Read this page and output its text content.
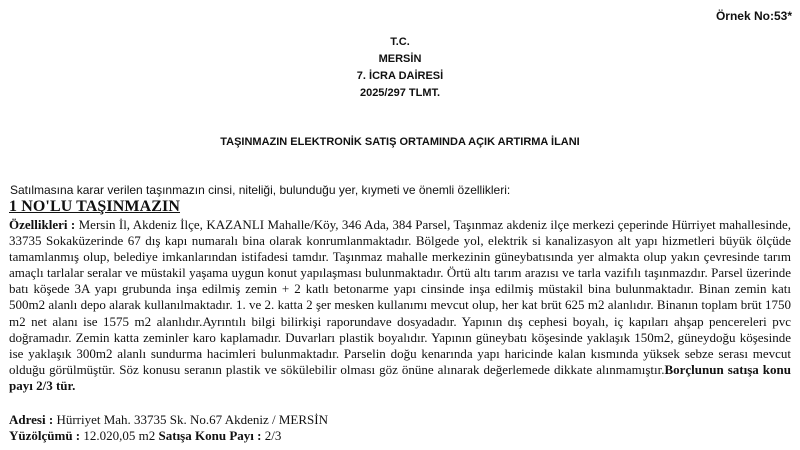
Örnek No:53*
T.C.
MERSİN
7. İCRA DAİRESİ
2025/297 TLMT.
TAŞINMAZIN ELEKTRONİK SATIŞ ORTAMINDA AÇIK ARTIRMA İLANI
Satılmasına karar verilen taşınmazın cinsi, niteliği, bulunduğu yer, kıymeti ve önemli özellikleri:
1 NO'LU TAŞINMAZIN

Özellikleri : Mersin İl, Akdeniz İlçe, KAZANLI Mahalle/Köy, 346 Ada, 384 Parsel, Taşınmaz akdeniz ilçe merkezi çeperinde Hürriyet mahallesinde, 33735 Sokaküzerinde 67 dış kapı numaralı bina olarak konrumlanmaktadır. Bölgede yol, elektrik si kanalizasyon alt yapı hizmetleri büyük ölçüde tamamlanmış olup, belediye imkanlarından istifadesi tamdır. Taşınmaz mahalle merkezinin güneybatısında yer almakta olup yakın çevresinde tarım amaçlı tarlalar seralar ve müstakil yaşama uygun konut yapılaşması bulunmaktadır. Örtü altı tarım arazısı ve tarla vazifılı taşınmazdır. Parsel üzerinde batı köşede 3A yapı grubunda inşa edilmiş zemin + 2 katlı betonarme yapı cinsinde inşa edilmiş müstakil bina bulunmaktadır. Binan zemin katı 500m2 alanlı depo alarak kullanılmaktadır. 1. ve 2. katta 2 şer mesken kullanımı mevcut olup, her kat brüt 625 m2 alanlıdır. Binanın toplam brüt 1750 m2 net alanı ise 1575 m2 alanlıdır.Ayrıntılı bilgi bilirkişi raporundave dosyadadır. Yapının dış cephesi boyalı, iç kapıları ahşap pencereleri pvc doğramadır. Zemin katta zeminler karo kaplamadır. Duvarları plastik boyalıdır. Yapının güneybatı köşesinde yaklaşık 150m2, güneydoğu köşesinde ise yaklaşık 300m2 alanlı sundurma hacimleri bulunmaktadır. Parselin doğu kenarında yapı haricinde kalan kısmında yüksek sebze serası mevcut olduğu görülmüştür. Söz konusu seranın plastik ve sökülebilir olması göz önüne alınarak değerlemede dikkate alınmamıştır.Borçlunun satışa konu payı 2/3 tür.

Adresi : Hürriyet Mah. 33735 Sk. No.67 Akdeniz / MERSİN
Yüzölçümü : 12.020,05 m2 Satışa Konu Payı : 2/3
